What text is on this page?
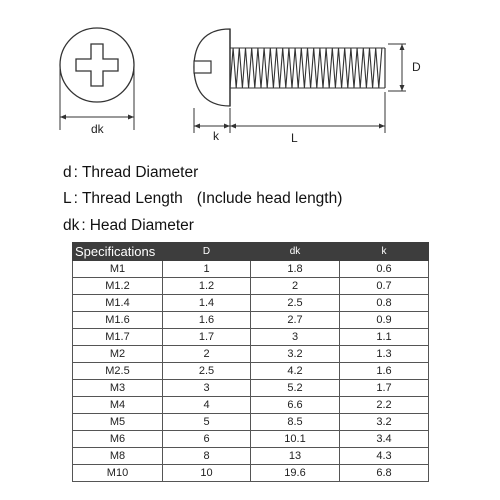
dk
D
k	L
d : Thread Diameter
L : Thread Length (Include head length)
dk : Head Diameter
Specifications	D	dk	k
M1	1	1.8	0.6
M1.2	1.2	2	0.7
M1.4	1.4	2.5	0.8
M1.6	1.6	2.7	0.9
M1.7	1.7	3	1.1
M2	2	3.2	1.3
M2.5	2.5	4.2	1.6
M3	3	5.2	1.7
M4	4	6.6	2.2
M5	5	8.5	3.2
M6	6	10.1	3.4
M8	8	13	4.3
M10	10	19.6	6.8
